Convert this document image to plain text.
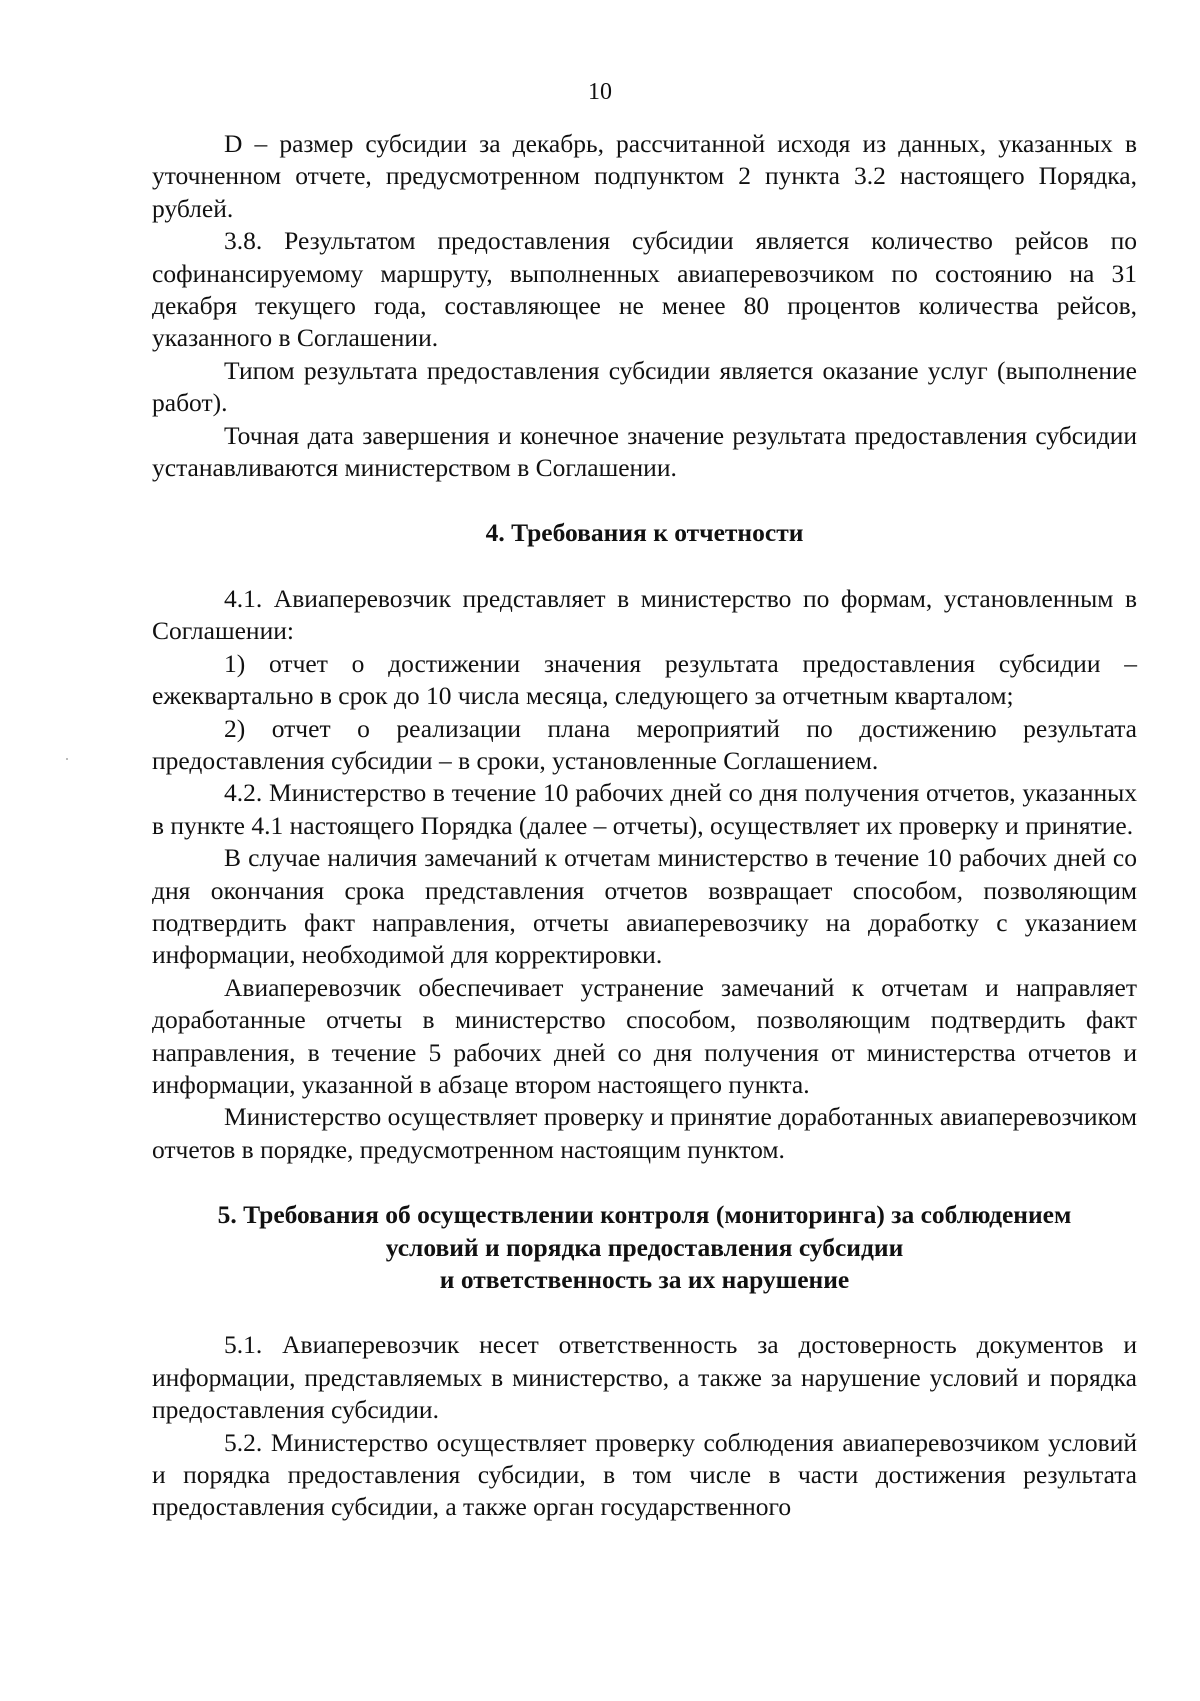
10

D – размер субсидии за декабрь, рассчитанной исходя из данных, указанных в уточненном отчете, предусмотренном подпунктом 2 пункта 3.2 настоящего Порядка, рублей.

3.8. Результатом предоставления субсидии является количество рейсов по софинансируемому маршруту, выполненных авиаперевозчиком по состоянию на 31 декабря текущего года, составляющее не менее 80 процентов количества рейсов, указанного в Соглашении.

Типом результата предоставления субсидии является оказание услуг (выполнение работ).

Точная дата завершения и конечное значение результата предоставления субсидии устанавливаются министерством в Соглашении.

4. Требования к отчетности

4.1. Авиаперевозчик представляет в министерство по формам, установленным в Соглашении:

1) отчет о достижении значения результата предоставления субсидии – ежеквартально в срок до 10 числа месяца, следующего за отчетным кварталом;

2) отчет о реализации плана мероприятий по достижению результата предоставления субсидии – в сроки, установленные Соглашением.

4.2. Министерство в течение 10 рабочих дней со дня получения отчетов, указанных в пункте 4.1 настоящего Порядка (далее – отчеты), осуществляет их проверку и принятие.

В случае наличия замечаний к отчетам министерство в течение 10 рабочих дней со дня окончания срока представления отчетов возвращает способом, позволяющим подтвердить факт направления, отчеты авиаперевозчику на доработку с указанием информации, необходимой для корректировки.

Авиаперевозчик обеспечивает устранение замечаний к отчетам и направляет доработанные отчеты в министерство способом, позволяющим подтвердить факт направления, в течение 5 рабочих дней со дня получения от министерства отчетов и информации, указанной в абзаце втором настоящего пункта.

Министерство осуществляет проверку и принятие доработанных авиаперевозчиком отчетов в порядке, предусмотренном настоящим пунктом.

5. Требования об осуществлении контроля (мониторинга) за соблюдением
условий и порядка предоставления субсидии
и ответственность за их нарушение

5.1. Авиаперевозчик несет ответственность за достоверность документов и информации, представляемых в министерство, а также за нарушение условий и порядка предоставления субсидии.

5.2. Министерство осуществляет проверку соблюдения авиаперевозчиком условий и порядка предоставления субсидии, в том числе в части достижения результата предоставления субсидии, а также орган государственного
